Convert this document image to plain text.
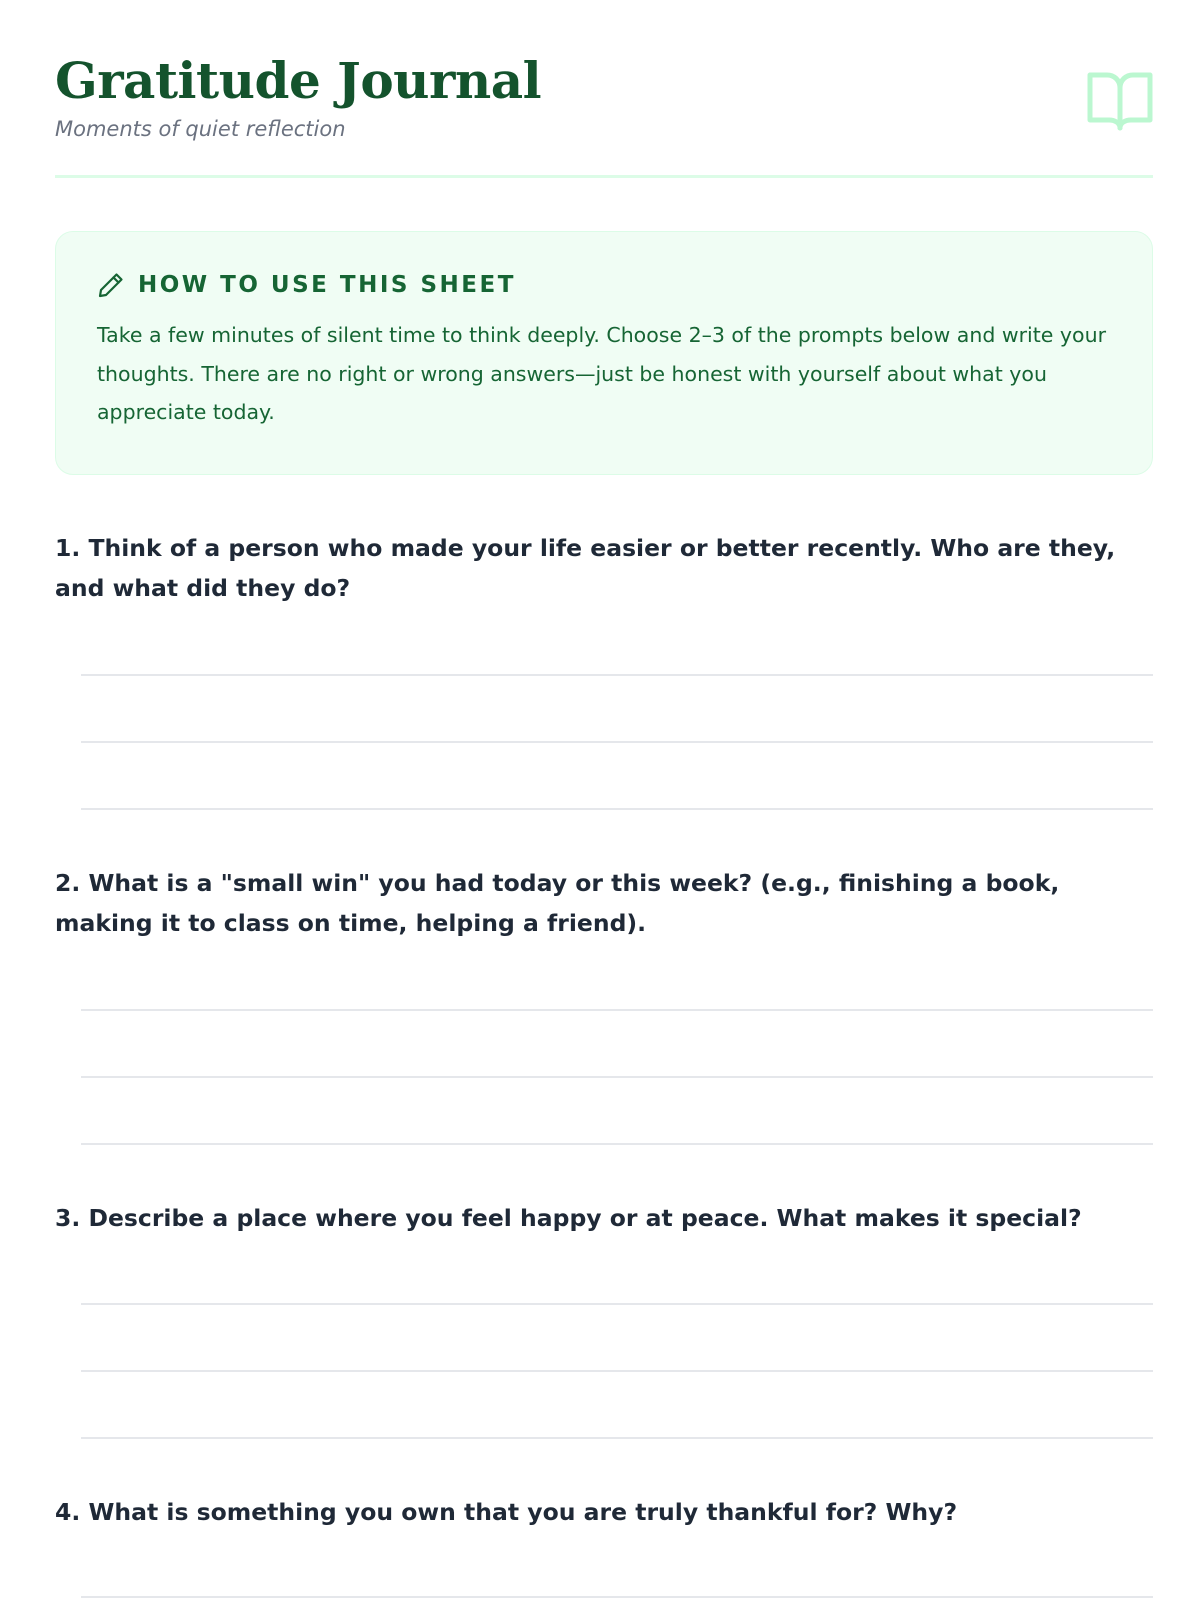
Gratitude Journal

Moments of quiet reflection

HOW TO USE THIS SHEET

Take a few minutes of silent time to think deeply. Choose 2–3 of the prompts below and write your thoughts. There are no right or wrong answers—just be honest with yourself about what you appreciate today.

1. Think of a person who made your life easier or better recently. Who are they, and what did they do?

2. What is a "small win" you had today or this week? (e.g., finishing a book, making it to class on time, helping a friend).

3. Describe a place where you feel happy or at peace. What makes it special?

4. What is something you own that you are truly thankful for? Why?
